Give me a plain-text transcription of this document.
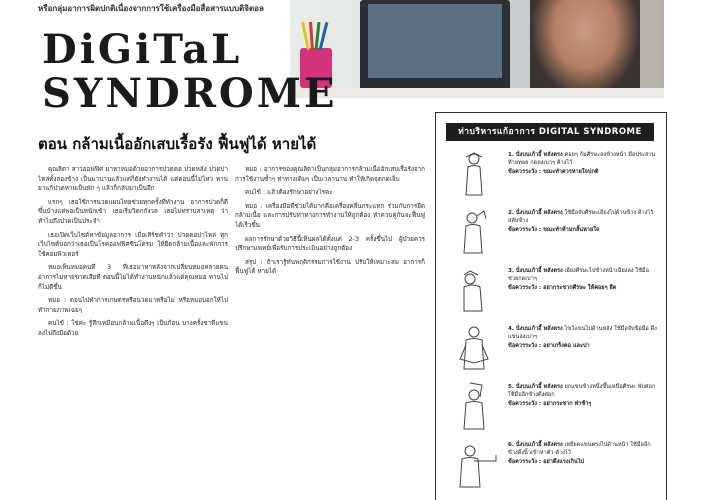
หรือกลุ่มอาการผิดปกติเนื่องจากการใช้เครื่องมือสื่อสารแบบดิจิตอล
DiGiTaL
SYNDROME
ตอน กล้ามเนื้ออักเสบเรื้อรัง ฟื้นฟูได้ หายได้

คุณลิตา สาวออฟฟิศ มาหาหมอด้วยอาการปวดคอ ปวดหลัง ปวดบ่า ไหล่ทั้งสองข้าง เป็นมานานแล้วแต่ก็ยังทำงานได้ แต่ตอนนี้ไม่ไหว ทานยาแก้ปวดหายเป็นพัก ๆ แล้วก็กลับมาเป็นอีก

แรกๆ เธอใช้การนวดแผนไทยช่วยทุกครั้งที่ทำงาน อาการปวดก็ดีขึ้นบ้างแต่พอเป็นหนักเข้า เธอเริ่มวิตกกังวล เธอไม่ทราบสาเหตุ ว่าทำไมถึงปวดเป็นประจำ

เธอเปิดเว็บไซต์หาข้อมูลอาการ เมื่อเสิร์ชคำว่า ปวดคอบ่าไหล่ ทุกเว็บไซต์บอกว่าเธอเป็นโรคออฟฟิศซินโดรม ให้ยืดกล้ามเนื้อและพักการใช้คอมพิวเตอร์

หมอเห็นหมอคนที่ 3 ที่เธอมาหาหลังจากเปลี่ยนหมอหลายคน อาการไม่หายขาดเสียที ตอนนี้ไม่ได้ทำงานหนักแล้วแต่คุณหมอ ทานไปก็ไม่ดีขึ้น

หมอ : ตอนไปทำการเกษตรหรือนวดมาหรือไม่ หรือหมอบอกให้ไปทำกายภาพเฉยๆ

คนไข้ : ใช่ค่ะ รู้สึกเหมือนกล้ามเนื้อตึงๆ เป็นก้อน บางครั้งชาที่แขนลงไปถึงมือด้วย

หมอ : อาการของคุณลิตาเป็นกลุ่มอาการกล้ามเนื้ออักเสบเรื้อรังจากการใช้งานซ้ำๆ ท่าทางเดิมๆ เป็นเวลานาน ทำให้เกิดจุดกดเจ็บ

คนไข้ : แล้วต้องรักษาอย่างไรคะ

หมอ : เครื่องมือที่ช่วยได้มากคือเครื่องคลื่นกระแทก ร่วมกับการยืดกล้ามเนื้อ และการปรับท่าทางการทำงานให้ถูกต้อง ทำควบคู่กันจะฟื้นฟูได้เร็วขึ้น

ผลการรักษาด้วยวิธีนี้เห็นผลได้ตั้งแต่ 2-3 ครั้งขึ้นไป ผู้ป่วยควรปรึกษาแพทย์เพื่อรับการประเมินอย่างถูกต้อง

สรุป : ถ้าเรารู้ทันพฤติกรรมการใช้งาน ปรับให้เหมาะสม อาการก็ฟื้นฟูได้ หายได้

ท่าบริหารแก้อาการ DIGITAL SYNDROME
1. นั่งบนเก้าอี้ หลังตรง ค่อยๆ ก้มศีรษะลงข้างหน้า มือประสานท้ายทอย กดลงเบาๆ ค้างไว้
ข้อควรระวัง : ขณะทำควรหายใจปกติ
2. นั่งบนเก้าอี้ หลังตรง ใช้มือจับศีรษะเอียงไปด้านข้าง ค้างไว้ สลับข้าง
ข้อควรระวัง : ขณะทำห้ามกลั้นหายใจ
3. นั่งบนเก้าอี้ หลังตรง เอียงศีรษะไปข้างหน้าเฉียงลง ใช้มือช่วยกดเบาๆ
ข้อควรระวัง : อย่ากระชากศีรษะ ให้ค่อยๆ ยืด
4. นั่งบนเก้าอี้ หลังตรง ไขว้แขนไปด้านหลัง ใช้มือจับข้อมือ ดึงแขนลงเบาๆ
ข้อควรระวัง : อย่าเกร็งคอ และบ่า
5. นั่งบนเก้าอี้ หลังตรง ยกแขนข้างหนึ่งขึ้นเหนือศีรษะ พับศอก ใช้มืออีกข้างดึงศอก
ข้อควรระวัง : อย่ากระชาก ทำช้าๆ
6. นั่งบนเก้าอี้ หลังตรง เหยียดแขนตรงไปด้านหน้า ใช้มืออีกข้างดึงนิ้วเข้าหาตัว ค้างไว้
ข้อควรระวัง : อย่าดึงแรงเกินไป
